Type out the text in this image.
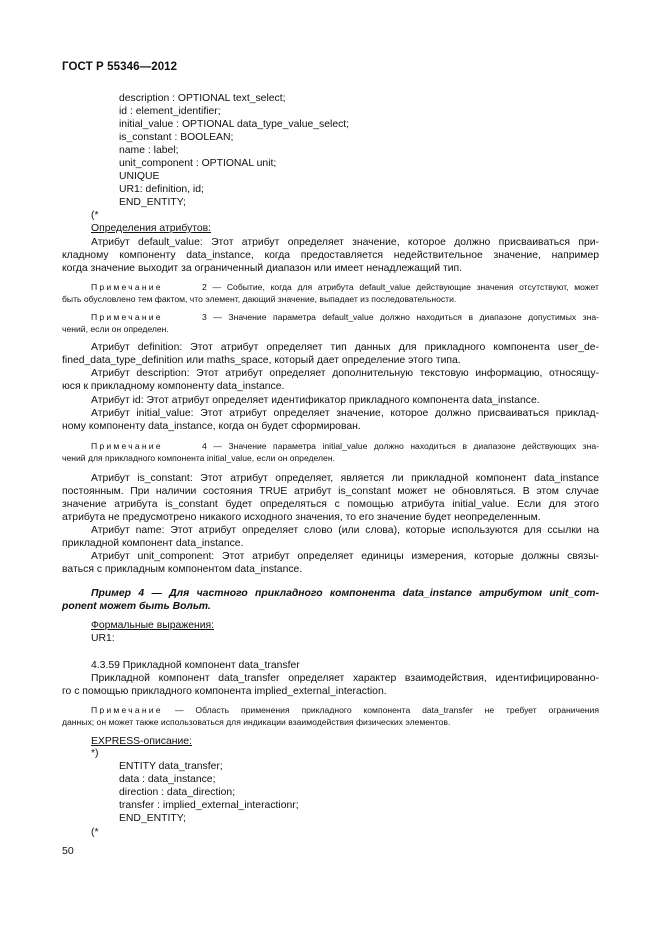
ГОСТ Р 55346—2012
description : OPTIONAL text_select;
id : element_identifier;
initial_value : OPTIONAL data_type_value_select;
is_constant : BOOLEAN;
name : label;
unit_component : OPTIONAL unit;
UNIQUE
UR1: definition, id;
END_ENTITY;
(*
Определения атрибутов:
Атрибут default_value: Этот атрибут определяет значение, которое должно присваиваться при-
кладному компоненту data_instance, когда предоставляется недействительное значение, например
когда значение выходит за ограниченный диапазон или имеет ненадлежащий тип.
Примечание	2 — Событие, когда для атрибута default_value действующие значения отсутствуют, может
быть обусловлено тем фактом, что элемент, дающий значение, выпадает из последовательности.
Примечание	3 — Значение параметра default_value должно находиться в диапазоне допустимых зна-
чений, если он определен.
Атрибут definition: Этот атрибут определяет тип данных для прикладного компонента user_de-
fined_data_type_definition или maths_space, который дает определение этого типа.
Атрибут description: Этот атрибут определяет дополнительную текстовую информацию, относящу-
юся к прикладному компоненту data_instance.
Атрибут id: Этот атрибут определяет идентификатор прикладного компонента data_instance.
Атрибут initial_value: Этот атрибут определяет значение, которое должно присваиваться приклад-
ному компоненту data_instance, когда он будет сформирован.
Примечание	4 — Значение параметра initial_value должно находиться в диапазоне действующих зна-
чений для прикладного компонента initial_value, если он определен.
Атрибут is_constant: Этот атрибут определяет, является ли прикладной компонент data_instance
постоянным. При наличии состояния TRUE атрибут is_constant может не обновляться. В этом случае
значение атрибута is_constant будет определяться с помощью атрибута initial_value. Если для этого
атрибута не предусмотрено никакого исходного значения, то его значение будет неопределенным.
Атрибут name: Этот атрибут определяет слово (или слова), которые используются для ссылки на
прикладной компонент data_instance.
Атрибут unit_component: Этот атрибут определяет единицы измерения, которые должны связы-
ваться с прикладным компонентом data_instance.
Пример 4 — Для частного прикладного компонента data_instance атрибутом unit_com-
ponent может быть Вольт.
Формальные выражения:
UR1:
4.3.59 Прикладной компонент data_transfer
Прикладной компонент data_transfer определяет характер взаимодействия, идентифицированно-
го с помощью прикладного компонента implied_external_interaction.
Примечание — Область применения прикладного компонента data_transfer не требует ограничения
данных; он может также использоваться для индикации взаимодействия физических элементов.
EXPRESS-описание:
*)
ENTITY data_transfer;
data : data_instance;
direction : data_direction;
transfer : implied_external_interactionr;
END_ENTITY;
(*
50
